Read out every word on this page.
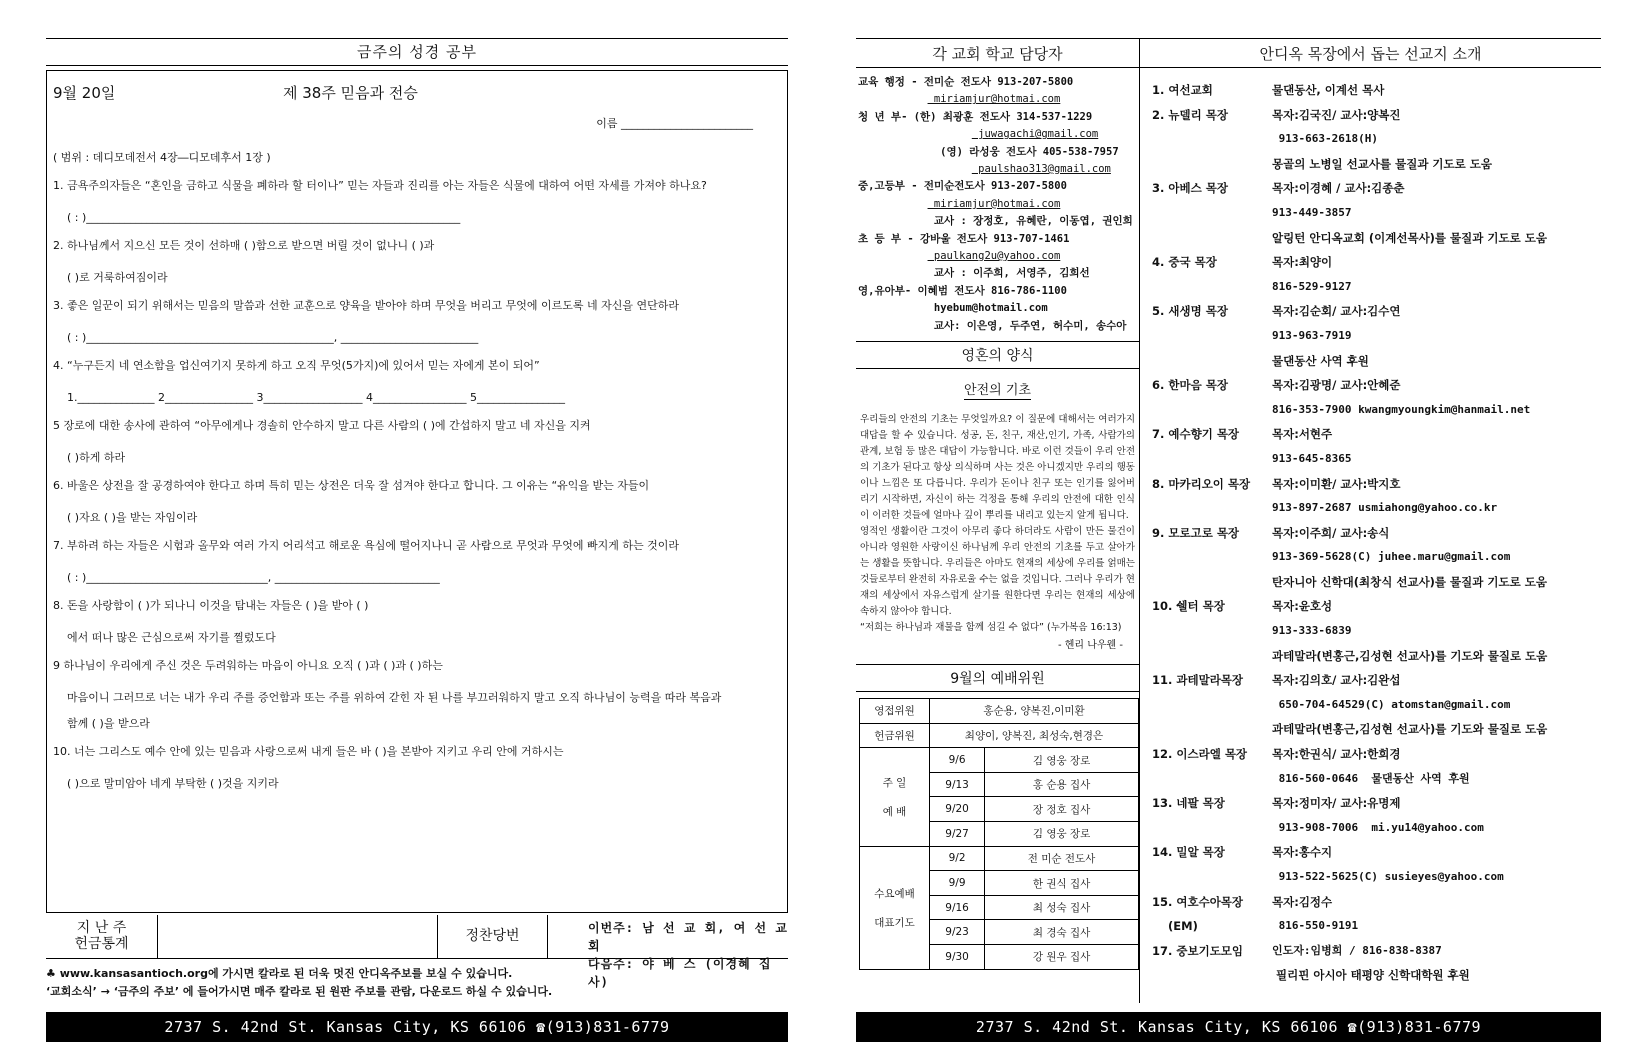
금주의 성경 공부
9월 20일	제 38주 믿음과 전승
이름 ________________________
( 범위 : 데디모데전서 4장―디모데후서 1장 )
1. 금욕주의자들은 “혼인을 금하고 식물을 폐하라 할 터이나” 믿는 자들과 진리를 아는 자들은 식물에 대하여 어떤 자세를 가져야 하나요?
( : )____________________________________________________________________
2. 하나님께서 지으신 모든 것이 선하매 ( )함으로 받으면 버릴 것이 없나니 ( )과
( )로 거룩하여짐이라
3. 좋은 일꾼이 되기 위해서는 믿음의 말씀과 선한 교훈으로 양육을 받아야 하며 무엇을 버리고 무엇에 이르도록 네 자신을 연단하라
( : )_____________________________________________, _________________________
4. “누구든지 네 연소함을 업신여기지 못하게 하고 오직 무엇(5가지)에 있어서 믿는 자에게 본이 되어”
1.______________ 2________________ 3__________________ 4_________________ 5________________
5 장로에 대한 송사에 관하여 “아무에게나 경솔히 안수하지 말고 다른 사람의 ( )에 간섭하지 말고 네 자신을 지켜
( )하게 하라
6. 바울은 상전을 잘 공경하여야 한다고 하며 특히 믿는 상전은 더욱 잘 섬겨야 한다고 합니다. 그 이유는 “유익을 받는 자들이
( )자요 ( )을 받는 자임이라
7. 부하려 하는 자들은 시험과 올무와 여러 가지 어리석고 해로운 욕심에 떨어지나니 곧 사람으로 무엇과 무엇에 빠지게 하는 것이라
( : )_________________________________, ______________________________
8. 돈을 사랑함이 ( )가 되나니 이것을 탐내는 자들은 ( )을 받아 ( )
에서 떠나 많은 근심으로써 자기를 찔렀도다
9 하나님이 우리에게 주신 것은 두려워하는 마음이 아니요 오직 ( )과 ( )과 ( )하는
마음이니 그러므로 너는 내가 우리 주를 증언함과 또는 주를 위하여 갇힌 자 된 나를 부끄러워하지 말고 오직 하나님이 능력을 따라 복음과
함께 ( )을 받으라
10. 너는 그리스도 예수 안에 있는 믿음과 사랑으로써 내게 들은 바 ( )을 본받아 지키고 우리 안에 거하시는
( )으로 말미암아 네게 부탁한 ( )것을 지키라
지 난 주
헌금통계	정찬당번	이번주: 남 선 교 회, 여 선 교 회
다음주: 야 베 스 (이경혜 집사)
♣ www.kansasantioch.org에 가시면 칼라로 된 더욱 멋진 안디옥주보를 보실 수 있습니다.
‘교회소식’ → ‘금주의 주보’ 에 들어가시면 매주 칼라로 된 원판 주보를 관람, 다운로드 하실 수 있습니다.
2737 S. 42nd St. Kansas City, KS 66106 ☎(913)831-6779
각 교회 학교 담당자
교육 행정 - 전미순 전도사 913-207-5800
miriamjur@hotmai.com
청 년 부- (한) 최광훈 전도사 314-537-1229
juwagachi@gmail.com
(영) 라성웅 전도사 405-538-7957
paulshao313@gmail.com
중,고등부 - 전미순전도사 913-207-5800
miriamjur@hotmai.com
교사 : 장정호, 유혜란, 이동엽, 권인희
초 등 부 - 강바울 전도사 913-707-1461
paulkang2u@yahoo.com
교사 : 이주희, 서영주, 김희선
영,유아부- 이혜범 전도사 816-786-1100
hyebum@hotmail.com
교사: 이은영, 두주연, 허수미, 송수아
영혼의 양식
안전의 기초
우리들의 안전의 기초는 무엇일까요? 이 질문에 대해서는 여러가지 대답을 할 수 있습니다. 성공, 돈, 친구, 재산,인기, 가족, 사람가의 관계, 보험 등 많은 대답이 가능합니다. 바로 이런 것들이 우리 안전의 기초가 된다고 항상 의식하며 사는 것은 아니겠지만 우리의 행동이나 느낌은 또 다릅니다. 우리가 돈이나 친구 또는 인기를 잃어버리기 시작하면, 자신이 하는 걱정을 통해 우리의 안전에 대한 인식이 이러한 것들에 얼마나 깊이 뿌리를 내리고 있는지 알게 됩니다.
영적인 생활이란 그것이 아무리 좋다 하더라도 사람이 만든 물건이 아니라 영원한 사랑이신 하나님께 우리 안전의 기초를 두고 살아가는 생활을 뜻합니다. 우리들은 아마도 현재의 세상에 우리를 얽매는 것들로부터 완전히 자유로울 수는 없을 것입니다. 그러나 우리가 현재의 세상에서 자유스럽게 살기를 원한다면 우리는 현재의 세상에 속하지 않아야 합니다.
“저희는 하나님과 재물을 함께 섬길 수 없다” (누가복음 16:13)
- 헨리 나우웬 -
9월의 예배위원
영접위원	홍순용, 양복진,이미환	
헌금위원	최양이, 양복진, 최성숙,현경은	

주 일
예 배	9/6	김 영웅 장로
	9/13	홍 순용 집사
	9/20	장 정호 집사
	9/27	김 영웅 장로

수요예배
대표기도	9/2	전 미순 전도사
	9/9	한 권식 집사
	9/16	최 성숙 집사
	9/23	최 경숙 집사
	9/30	강 원우 집사
안디옥 목장에서 돕는 선교지 소개
1. 여선교회	물댄동산, 이계선 목사
2. 뉴델리 목장	목자:김국진/ 교사:양복진
913-663-2618(H)
몽골의 노병일 선교사를 물질과 기도로 도움
3. 아베스 목장	목자:이경혜 / 교사:김종춘
913-449-3857
알링턴 안디옥교회 (이계선목사)를 물질과 기도로 도움
4. 중국 목장	목자:최양이
816-529-9127
5. 새생명 목장	목자:김순회/ 교사:김수연
913-963-7919
물댄동산 사역 후원
6. 한마음 목장	목자:김광명/ 교사:안혜준
816-353-7900 kwangmyoungkim@hanmail.net
7. 예수향기 목장	목자:서현주
913-645-8365
8. 마카리오이 목장	목자:이미환/ 교사:박지호
913-897-2687 usmiahong@yahoo.co.kr
9. 모로고로 목장	목자:이주희/ 교사:송식
913-369-5628(C) juhee.maru@gmail.com
탄자니아 신학대(최창식 선교사)를 물질과 기도로 도움
10. 쉘터 목장	목자:윤호성
913-333-6839
과테말라(변홍근,김성현 선교사)를 기도와 물질로 도움
11. 과테말라목장	목자:김의호/ 교사:김완섭
650-704-64529(C) atomstan@gmail.com
과테말라(변홍근,김성현 선교사)를 기도와 물질로 도움
12. 이스라엘 목장	목자:한권식/ 교사:한희경
816-560-0646  물댄동산 사역 후원
13. 네팔 목장	목자:정미자/ 교사:유명제
913-908-7006  mi.yu14@yahoo.com
14. 밀알 목장	목자:홍수지
913-522-5625(C) susieyes@yahoo.com
15. 여호수아목장	목자:김정수
(EM)	816-550-9191
17. 중보기도모임	인도자:임병희 / 816-838-8387
필리핀 아시아 태평양 신학대학원 후원
2737 S. 42nd St. Kansas City, KS 66106 ☎(913)831-6779
